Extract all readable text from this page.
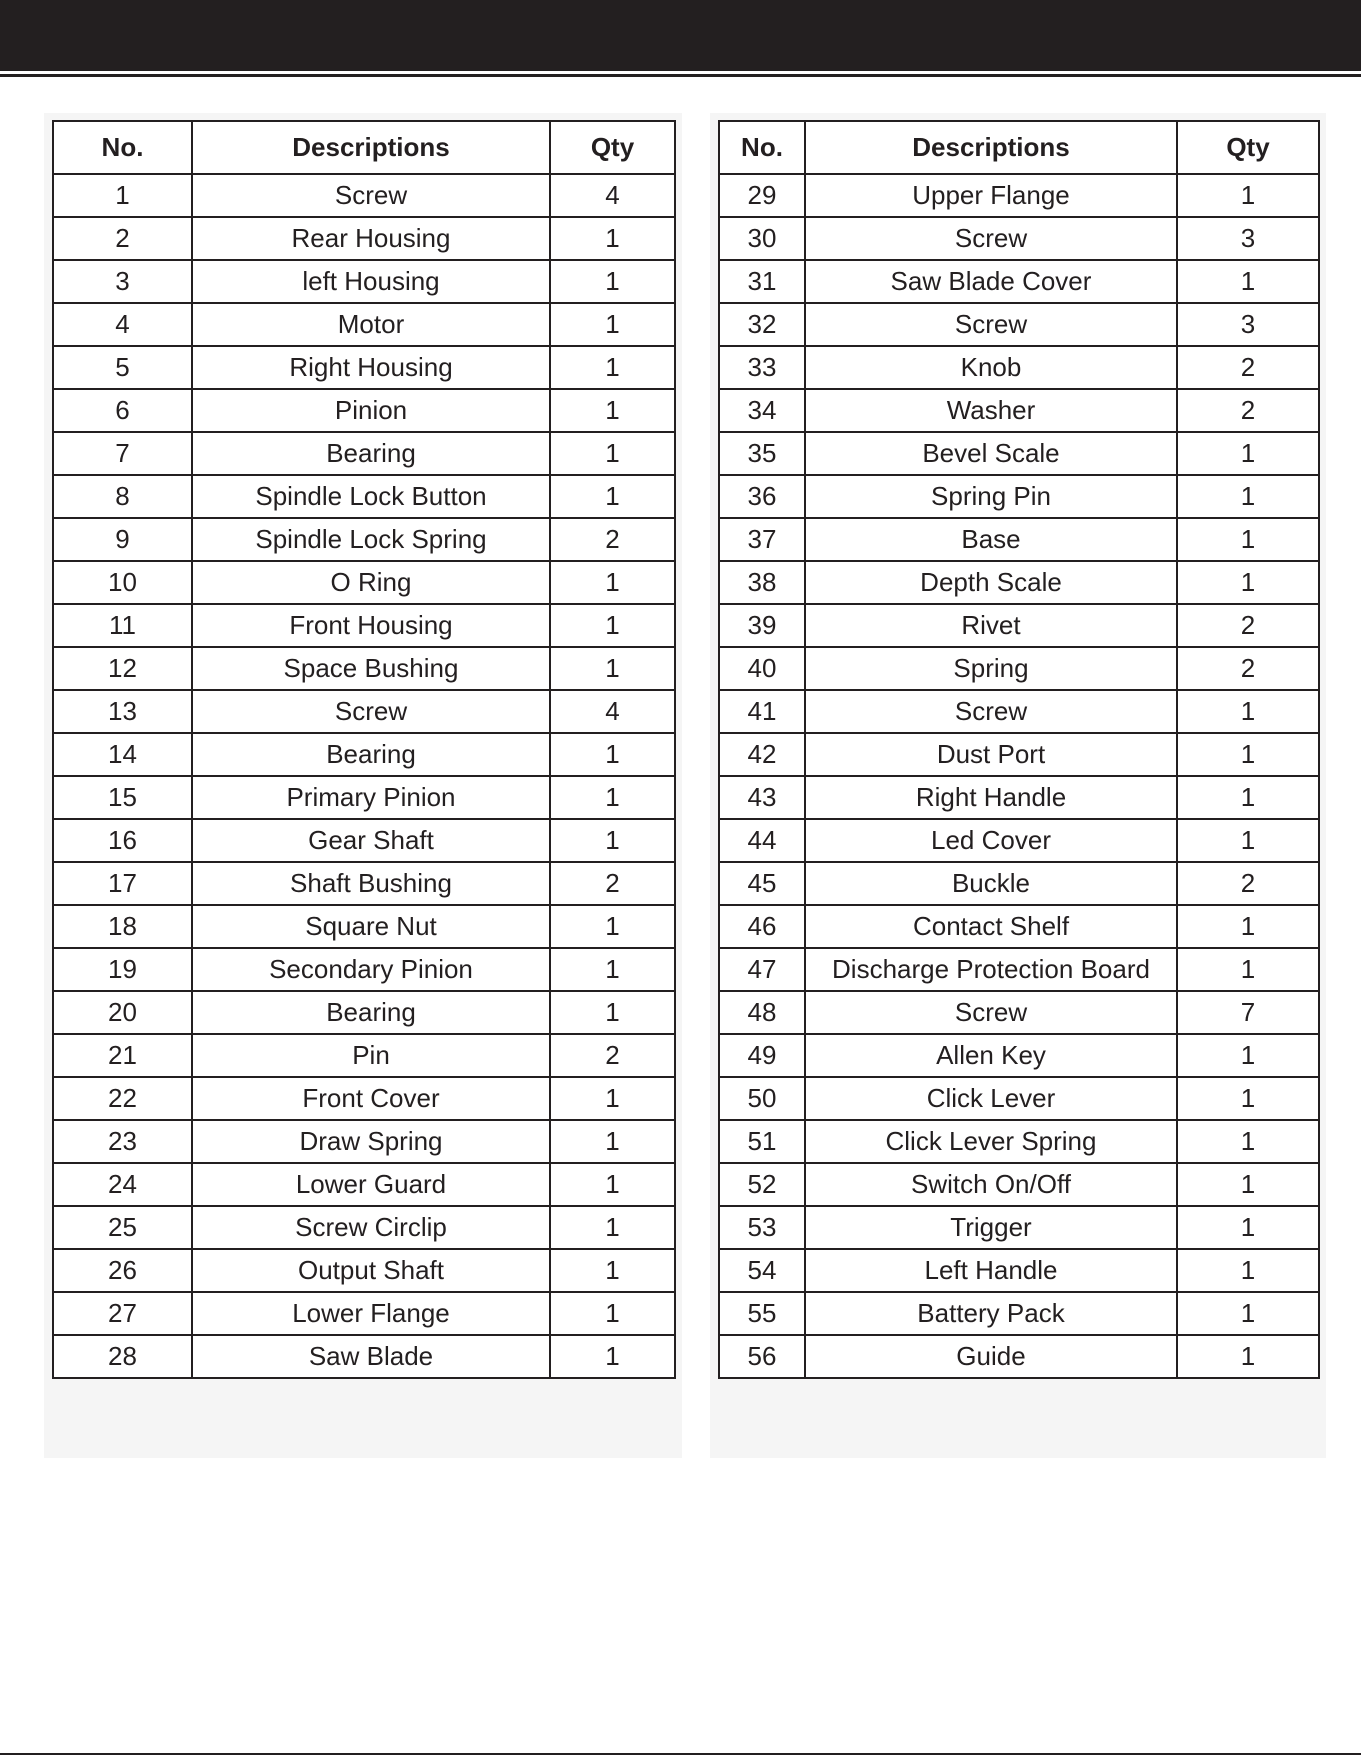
No.	Descriptions	Qty
1	Screw	4
2	Rear Housing	1
3	left Housing	1
4	Motor	1
5	Right Housing	1
6	Pinion	1
7	Bearing	1
8	Spindle Lock Button	1
9	Spindle Lock Spring	2
10	O Ring	1
11	Front Housing	1
12	Space Bushing	1
13	Screw	4
14	Bearing	1
15	Primary Pinion	1
16	Gear Shaft	1
17	Shaft Bushing	2
18	Square Nut	1
19	Secondary Pinion	1
20	Bearing	1
21	Pin	2
22	Front Cover	1
23	Draw Spring	1
24	Lower Guard	1
25	Screw Circlip	1
26	Output Shaft	1
27	Lower Flange	1
28	Saw Blade	1
No.	Descriptions	Qty
29	Upper Flange	1
30	Screw	3
31	Saw Blade Cover	1
32	Screw	3
33	Knob	2
34	Washer	2
35	Bevel Scale	1
36	Spring Pin	1
37	Base	1
38	Depth Scale	1
39	Rivet	2
40	Spring	2
41	Screw	1
42	Dust Port	1
43	Right Handle	1
44	Led Cover	1
45	Buckle	2
46	Contact Shelf	1
47	Discharge Protection Board	1
48	Screw	7
49	Allen Key	1
50	Click Lever	1
51	Click Lever Spring	1
52	Switch On/Off	1
53	Trigger	1
54	Left Handle	1
55	Battery Pack	1
56	Guide	1
